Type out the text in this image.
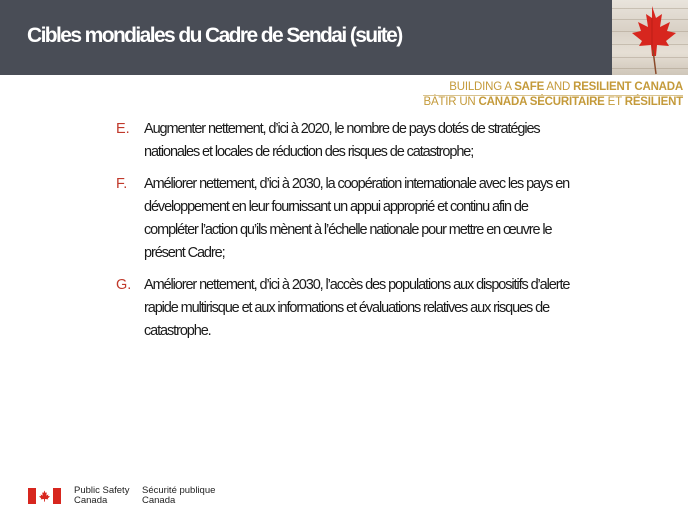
Cibles mondiales du Cadre de Sendai (suite)
BUILDING A SAFE AND RESILIENT CANADA
BÂTIR UN CANADA SÉCURITAIRE ET RÉSILIENT
E. Augmenter nettement, d’ici à 2020, le nombre de pays dotés de stratégies nationales et locales de réduction des risques de catastrophe;
F. Améliorer nettement, d’ici à 2030, la coopération internationale avec les pays en développement en leur fournissant un appui approprié et continu afin de compléter l’action qu’ils mènent à l’échelle nationale pour mettre en œuvre le présent Cadre;
G. Améliorer nettement, d’ici à 2030, l’accès des populations aux dispositifs d’alerte rapide multirisque et aux informations et évaluations relatives aux risques de catastrophe.
Public Safety
Canada
Sécurité publique
Canada
